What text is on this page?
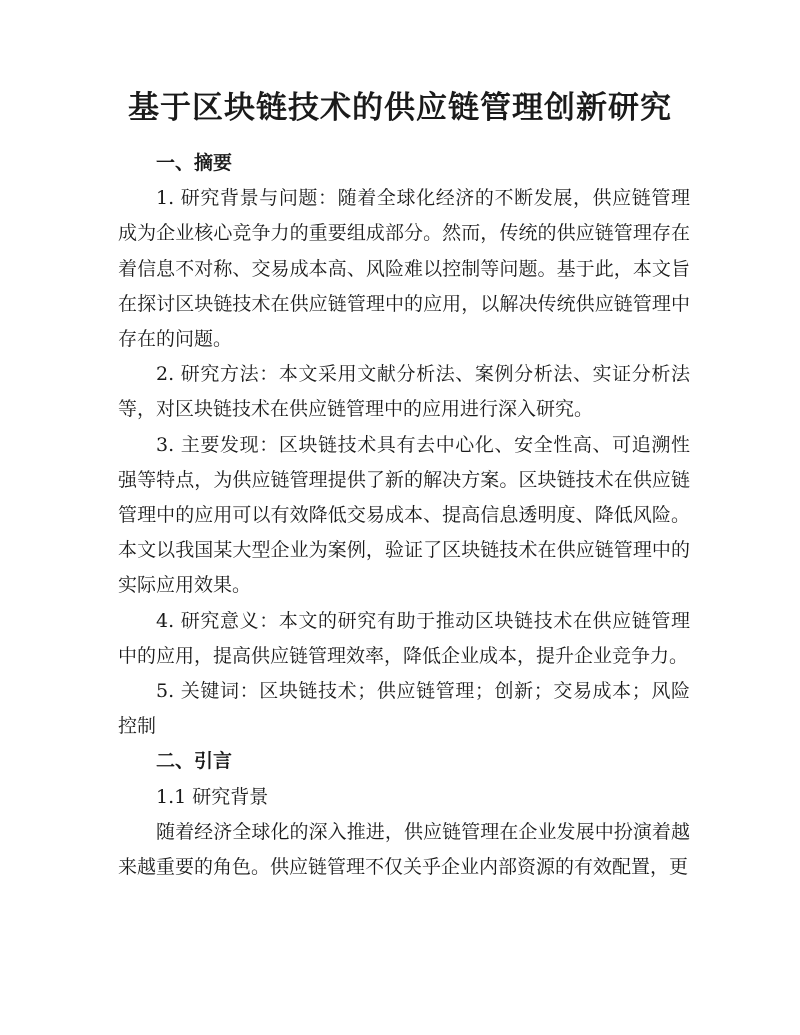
基于区块链技术的供应链管理创新研究
一、摘要

1. 研究背景与问题：随着全球化经济的不断发展，供应链管理成为企业核心竞争力的重要组成部分。然而，传统的供应链管理存在着信息不对称、交易成本高、风险难以控制等问题。基于此，本文旨在探讨区块链技术在供应链管理中的应用，以解决传统供应链管理中存在的问题。

2. 研究方法：本文采用文献分析法、案例分析法、实证分析法等，对区块链技术在供应链管理中的应用进行深入研究。

3. 主要发现：区块链技术具有去中心化、安全性高、可追溯性强等特点，为供应链管理提供了新的解决方案。区块链技术在供应链管理中的应用可以有效降低交易成本、提高信息透明度、降低风险。本文以我国某大型企业为案例，验证了区块链技术在供应链管理中的实际应用效果。

4. 研究意义：本文的研究有助于推动区块链技术在供应链管理中的应用，提高供应链管理效率，降低企业成本，提升企业竞争力。

5. 关键词：区块链技术；供应链管理；创新；交易成本；风险控制

二、引言

1.1 研究背景

随着经济全球化的深入推进，供应链管理在企业发展中扮演着越来越重要的角色。供应链管理不仅关乎企业内部资源的有效配置，更
